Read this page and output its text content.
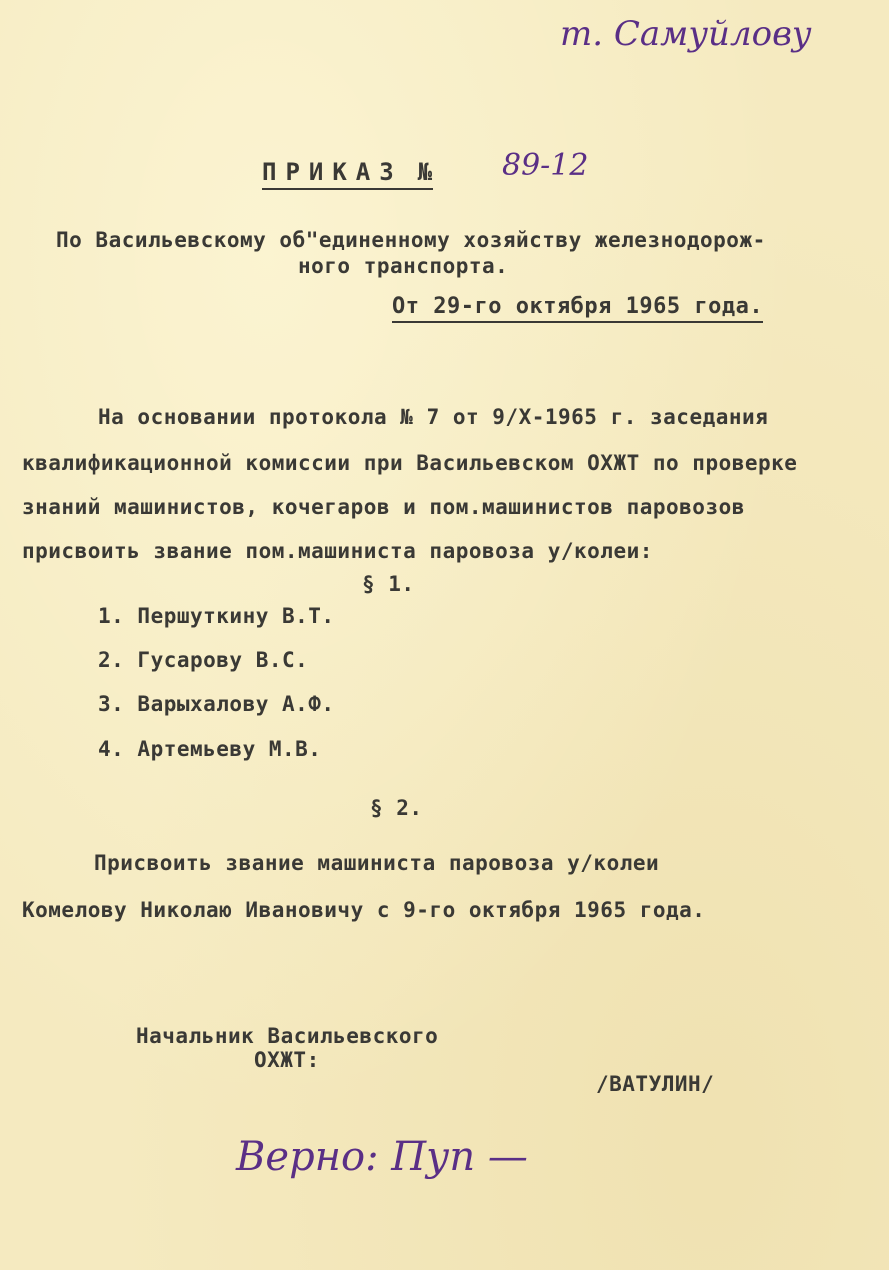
т. Самуйлову
ПРИКАЗ № 89-12
По Васильевскому об"единенному хозяйству железнодорож-
ного транспорта.
От 29-го октября 1965 года.
На основании протокола № 7 от 9/X-1965 г. заседания
квалификационной комиссии при Васильевском ОХЖТ по проверке
знаний машинистов, кочегаров и пом.машинистов паровозов
присвоить звание пом.машиниста паровоза у/колеи:
§ 1.
1. Першуткину В.Т.
2. Гусарову В.С.
3. Варыхалову А.Ф.
4. Артемьеву М.В.
§ 2.
Присвоить звание машиниста паровоза у/колеи
Комелову Николаю Ивановичу с 9-го октября 1965 года.
Начальник Васильевского
ОХЖТ:
/ВАТУЛИН/
Верно: Пуп —
